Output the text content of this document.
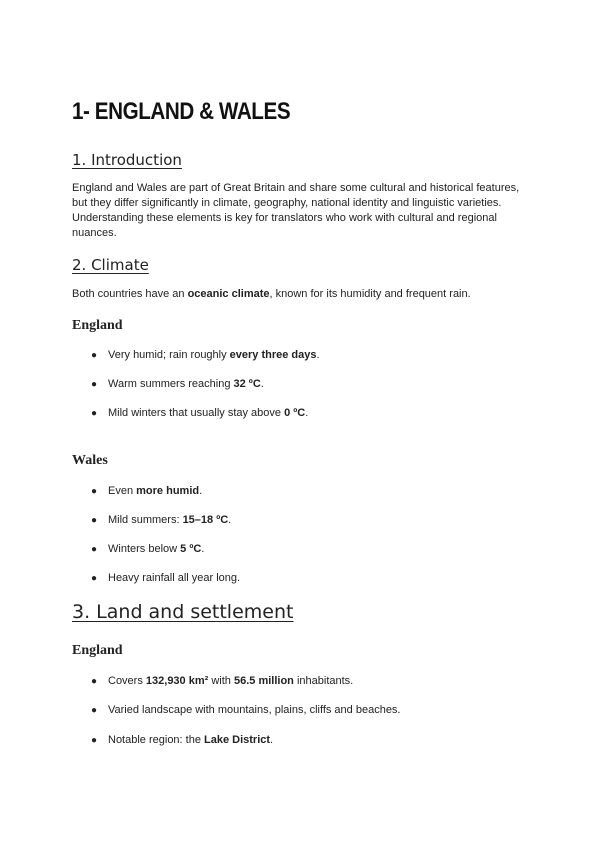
1- ENGLAND & WALES
1. Introduction

England and Wales are part of Great Britain and share some cultural and historical features, but they differ significantly in climate, geography, national identity and linguistic varieties. Understanding these elements is key for translators who work with cultural and regional nuances.

2. Climate

Both countries have an oceanic climate, known for its humidity and frequent rain.

England

● Very humid; rain roughly every three days.

● Warm summers reaching 32 ºC.

● Mild winters that usually stay above 0 ºC.

Wales

● Even more humid.

● Mild summers: 15–18 ºC.

● Winters below 5 ºC.

● Heavy rainfall all year long.

3. Land and settlement
England

● Covers 132,930 km² with 56.5 million inhabitants.

● Varied landscape with mountains, plains, cliffs and beaches.

● Notable region: the Lake District.
